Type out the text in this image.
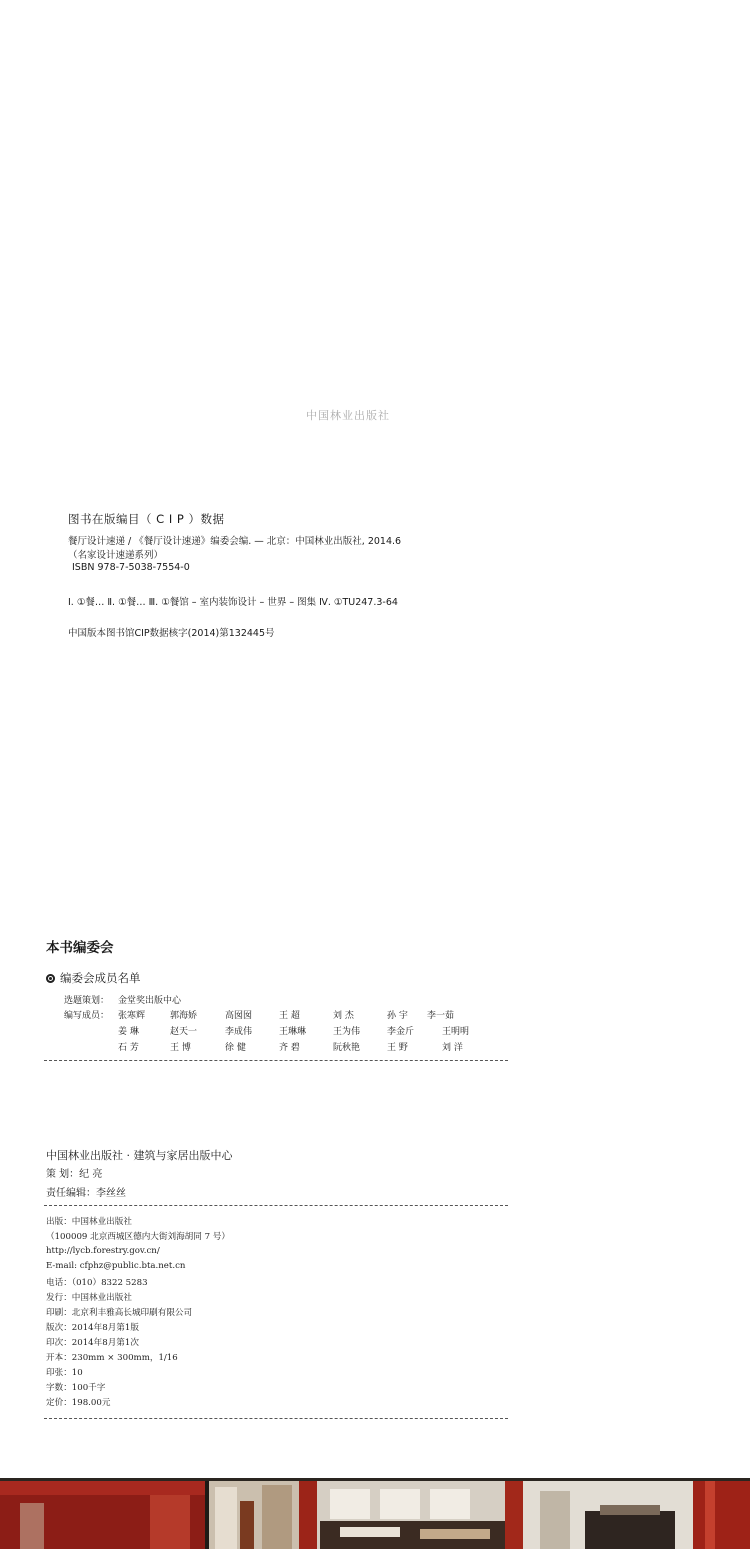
中国林业出版社
图书在版编目（ C I P ）数据
餐厅设计速递 / 《餐厅设计速递》编委会编. — 北京：中国林业出版社, 2014.6
（名家设计速递系列）
ISBN 978-7-5038-7554-0
Ⅰ. ①餐… Ⅱ. ①餐… Ⅲ. ①餐馆 – 室内装饰设计 – 世界 – 图集 Ⅳ. ①TU247.3-64
中国版本图书馆CIP数据核字(2014)第132445号
本书编委会
编委会成员名单
选题策划： 金堂奖出版中心
编写成员： 张寒辉	郭海娇	高囡囡	王 超	刘 杰	孙 宇 李一茹
姜 琳	赵天一	李成伟	王琳琳	王为伟	李金斤	王明明
石 芳	王 博	徐 健	齐 碧	阮秋艳	王 野	刘 洋
中国林业出版社 · 建筑与家居出版中心
策 划：纪 亮
责任编辑：李丝丝
出版：中国林业出版社
（100009 北京西城区德内大街刘海胡同 7 号）
http://lycb.forestry.gov.cn/
E-mail: cfphz@public.bta.net.cn
电话：（010）8322 5283
发行：中国林业出版社
印刷：北京利丰雅高长城印刷有限公司
版次：2014年8月第1版
印次：2014年8月第1次
开本：230mm × 300mm，1/16
印张：10
字数：100千字
定价：198.00元
